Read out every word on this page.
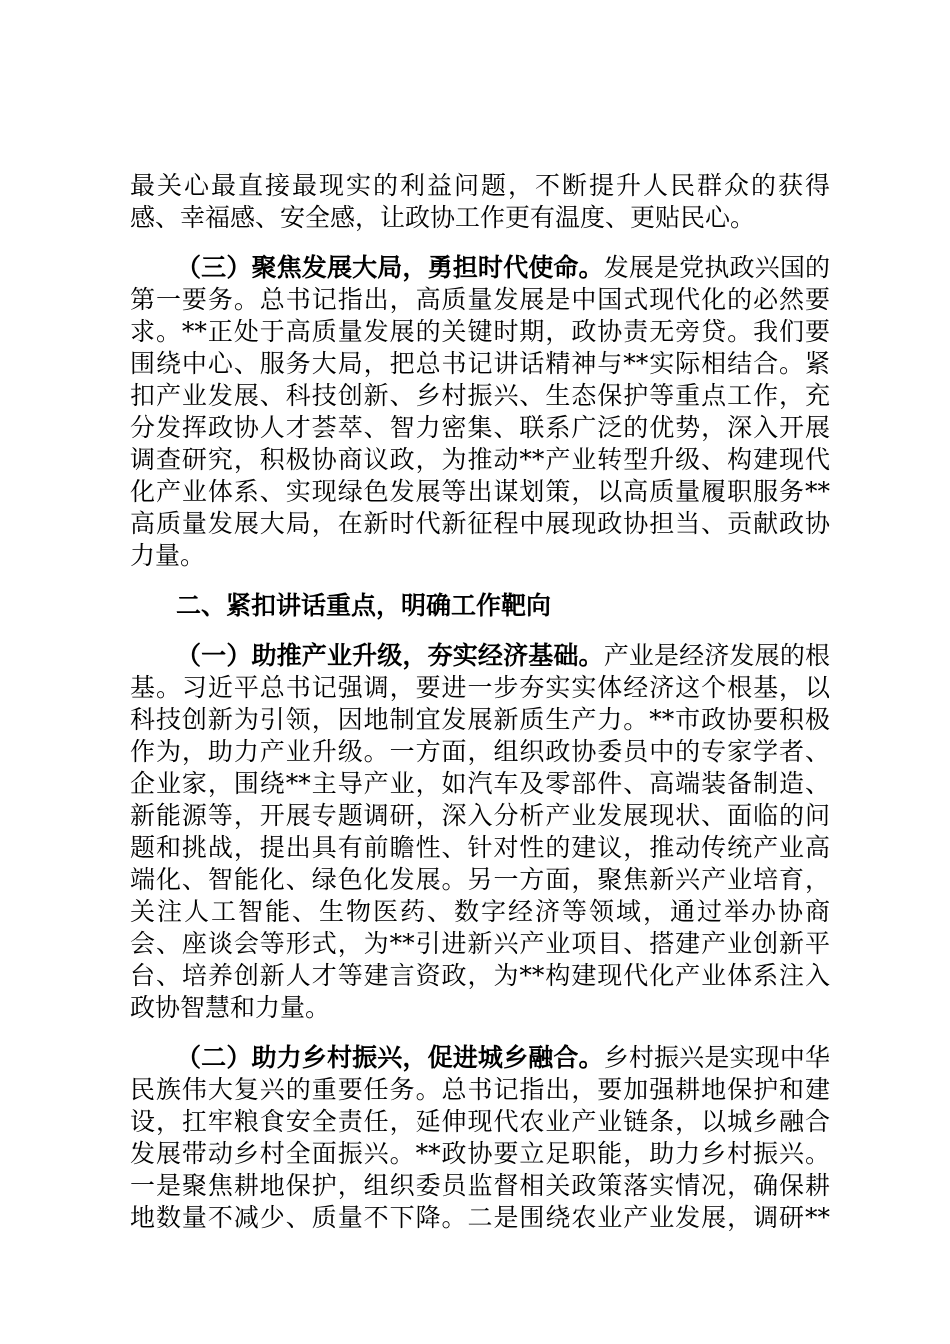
最关心最直接最现实的利益问题，不断提升人民群众的获得
感、幸福感、安全感，让政协工作更有温度、更贴民心。
（三）聚焦发展大局，勇担时代使命。发展是党执政兴国的
第一要务。总书记指出，高质量发展是中国式现代化的必然要
求。**正处于高质量发展的关键时期，政协责无旁贷。我们要
围绕中心、服务大局，把总书记讲话精神与**实际相结合。紧
扣产业发展、科技创新、乡村振兴、生态保护等重点工作，充
分发挥政协人才荟萃、智力密集、联系广泛的优势，深入开展
调查研究，积极协商议政，为推动**产业转型升级、构建现代
化产业体系、实现绿色发展等出谋划策，以高质量履职服务**
高质量发展大局，在新时代新征程中展现政协担当、贡献政协
力量。
二、紧扣讲话重点，明确工作靶向
（一）助推产业升级，夯实经济基础。产业是经济发展的根
基。习近平总书记强调，要进一步夯实实体经济这个根基，以
科技创新为引领，因地制宜发展新质生产力。**市政协要积极
作为，助力产业升级。一方面，组织政协委员中的专家学者、
企业家，围绕**主导产业，如汽车及零部件、高端装备制造、
新能源等，开展专题调研，深入分析产业发展现状、面临的问
题和挑战，提出具有前瞻性、针对性的建议，推动传统产业高
端化、智能化、绿色化发展。另一方面，聚焦新兴产业培育，
关注人工智能、生物医药、数字经济等领域，通过举办协商
会、座谈会等形式，为**引进新兴产业项目、搭建产业创新平
台、培养创新人才等建言资政，为**构建现代化产业体系注入
政协智慧和力量。
（二）助力乡村振兴，促进城乡融合。乡村振兴是实现中华
民族伟大复兴的重要任务。总书记指出，要加强耕地保护和建
设，扛牢粮食安全责任，延伸现代农业产业链条，以城乡融合
发展带动乡村全面振兴。**政协要立足职能，助力乡村振兴。
一是聚焦耕地保护，组织委员监督相关政策落实情况，确保耕
地数量不减少、质量不下降。二是围绕农业产业发展，调研**
